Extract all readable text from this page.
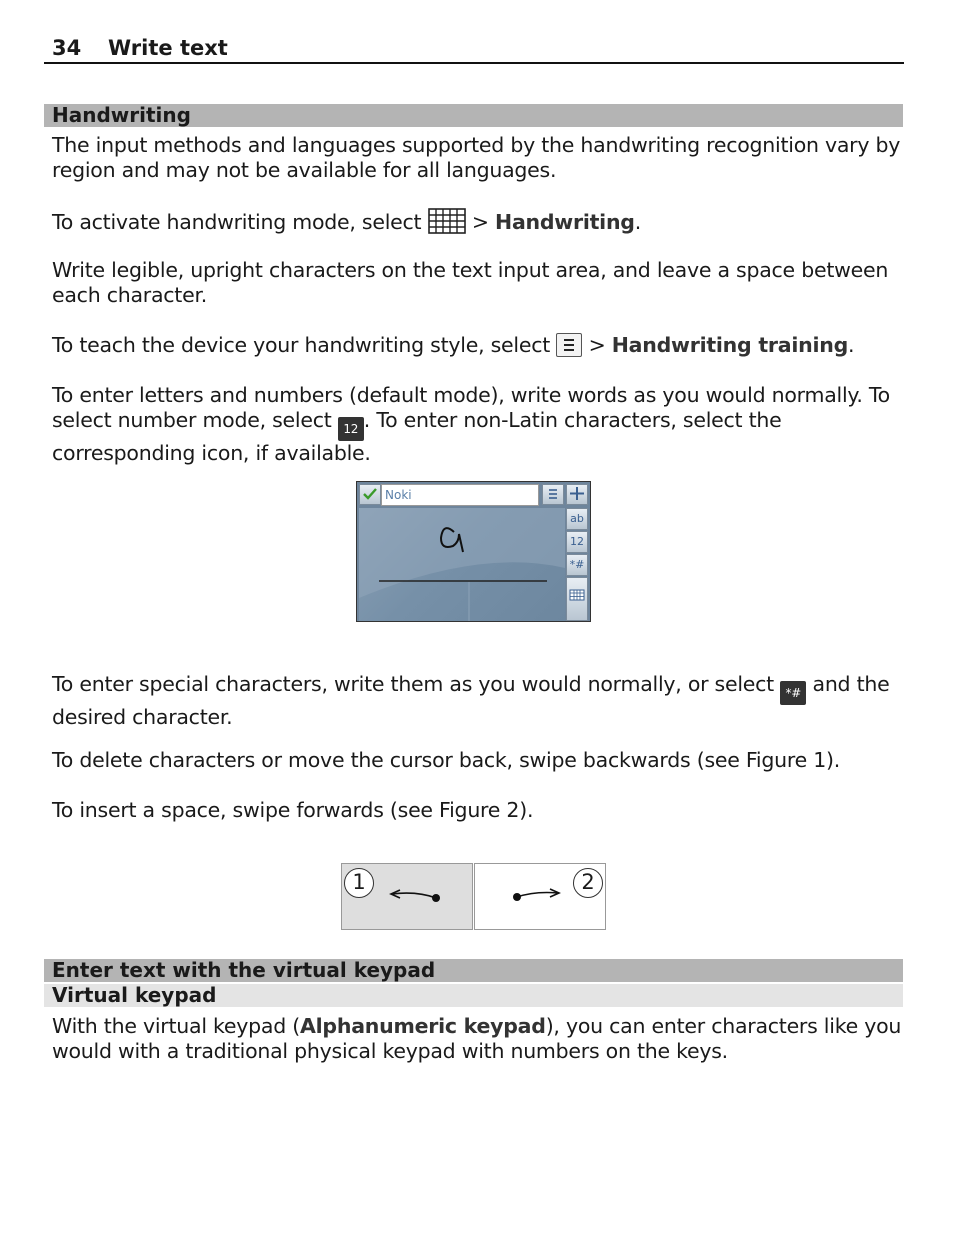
34 Write text
Handwriting

The input methods and languages supported by the handwriting recognition vary by region and may not be available for all languages.

To activate handwriting mode, select  > Handwriting.

Write legible, upright characters on the text input area, and leave a space between each character.

To teach the device your handwriting style, select
> Handwriting training.

To enter letters and numbers (default mode), write words as you would normally. To select number mode, select 12 . To enter non-Latin characters, select the corresponding icon, if available.

Noki
ab
12
*#

To enter special characters, write them as you would normally, or select *# and the desired character.

To delete characters or move the cursor back, swipe backwards (see Figure 1).

To insert a space, swipe forwards (see Figure 2).

1	2
Enter text with the virtual keypad
Virtual keypad

With the virtual keypad (Alphanumeric keypad), you can enter characters like you would with a traditional physical keypad with numbers on the keys.
